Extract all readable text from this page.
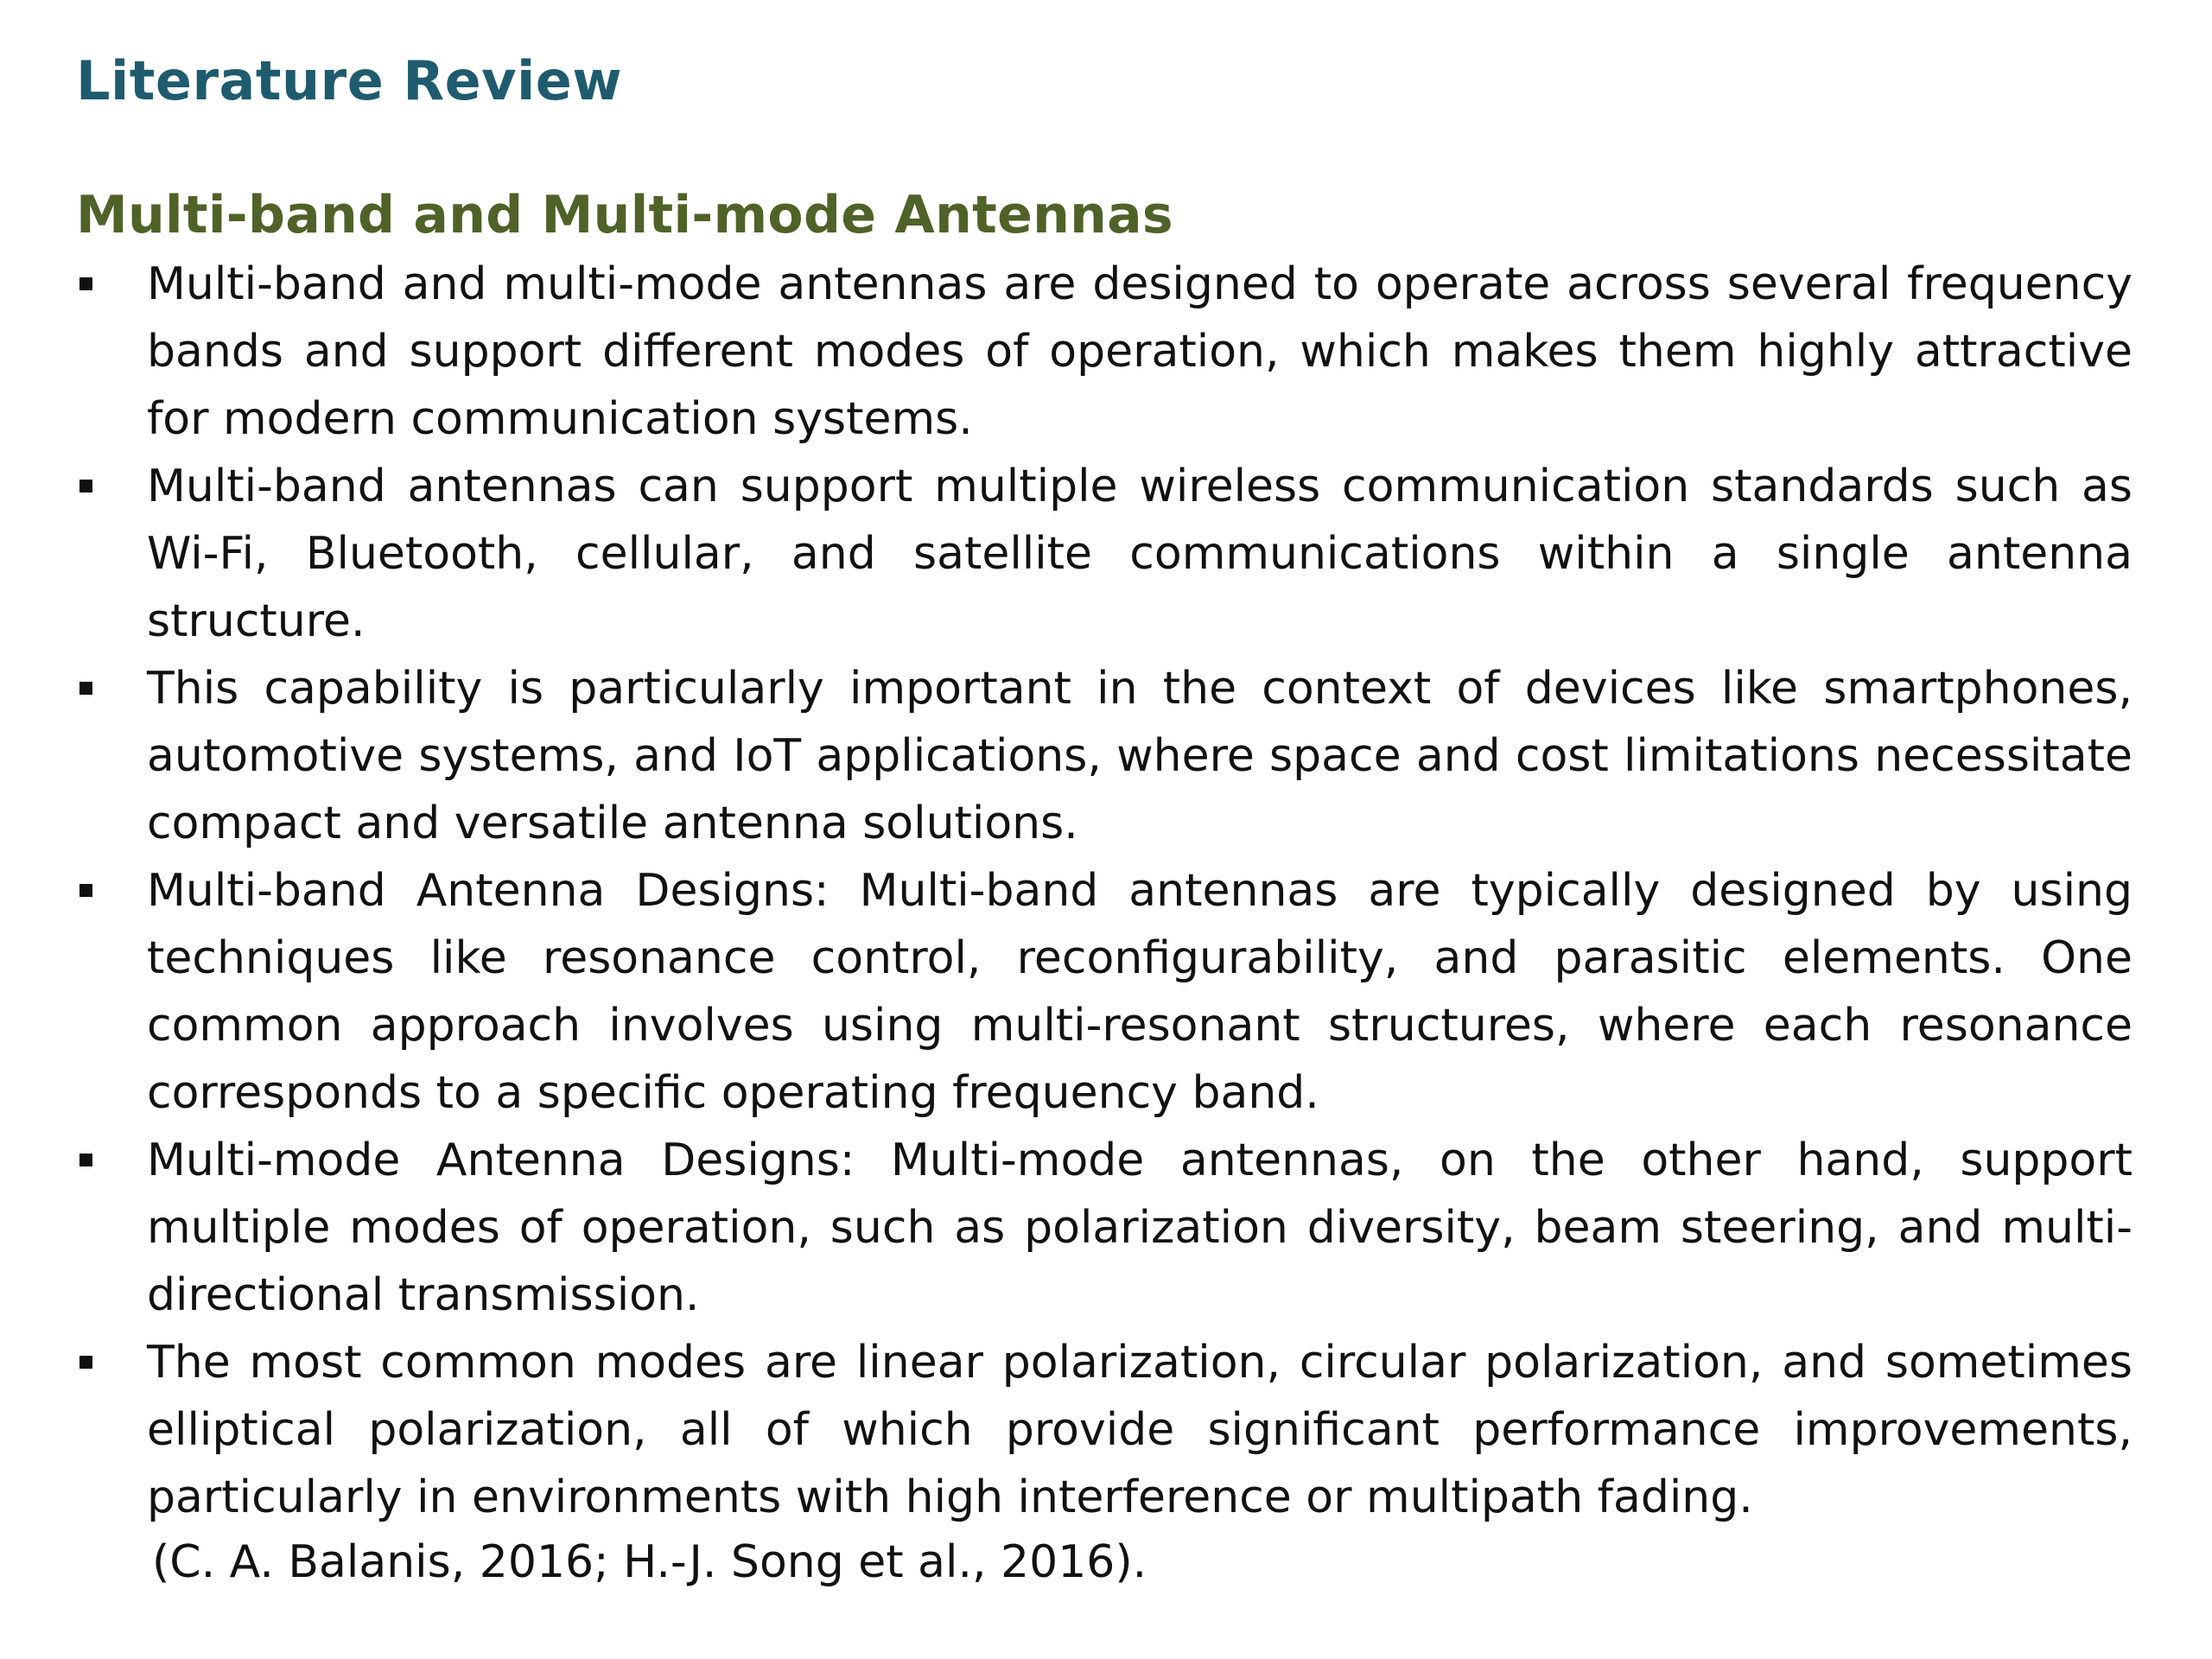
Literature Review
Multi-band and Multi-mode Antennas
Multi-band and multi-mode antennas are designed to operate across several frequency bands and support different modes of operation, which makes them highly attractive for modern communication systems.
Multi-band antennas can support multiple wireless communication standards such as Wi-Fi, Bluetooth, cellular, and satellite communications within a single antenna structure.
This capability is particularly important in the context of devices like smartphones, automotive systems, and IoT applications, where space and cost limitations necessitate compact and versatile antenna solutions.
Multi-band Antenna Designs: Multi-band antennas are typically designed by using techniques like resonance control, reconfigurability, and parasitic elements. One common approach involves using multi-resonant structures, where each resonance corresponds to a specific operating frequency band.
Multi-mode Antenna Designs: Multi-mode antennas, on the other hand, support multiple modes of operation, such as polarization diversity, beam steering, and multi-directional transmission.
The most common modes are linear polarization, circular polarization, and sometimes elliptical polarization, all of which provide significant performance improvements, particularly in environments with high interference or multipath fading.

(C. A. Balanis, 2016; H.-J. Song et al., 2016).
